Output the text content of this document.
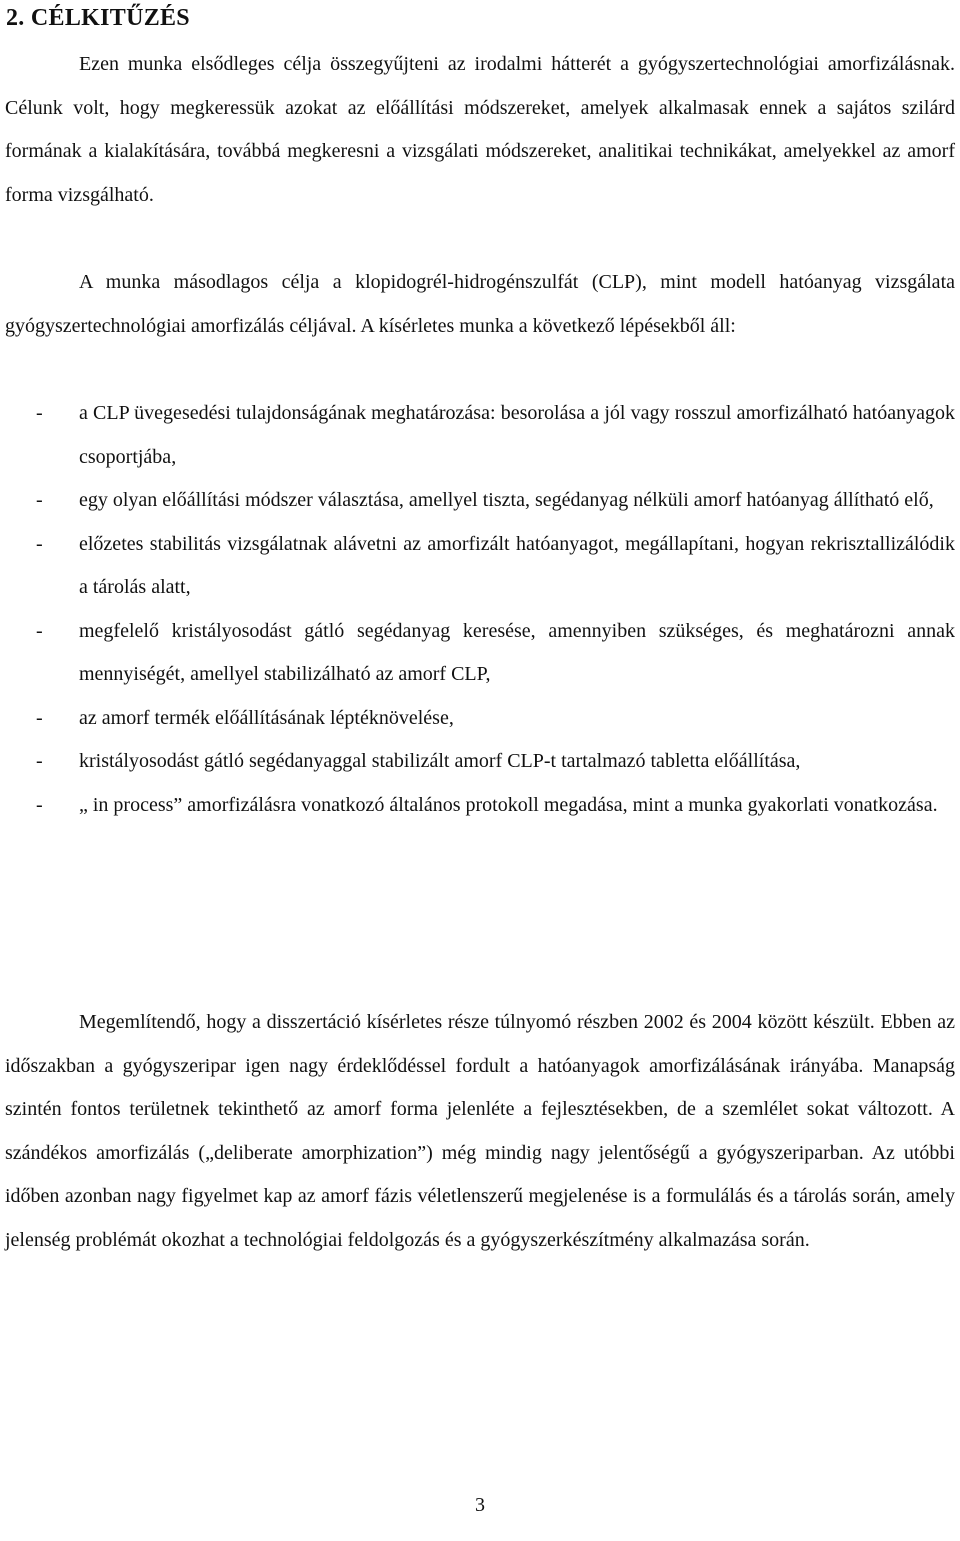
2. CÉLKITŰZÉS

Ezen munka elsődleges célja összegyűjteni az irodalmi hátterét a gyógyszertechnológiai amorfizálásnak. Célunk volt, hogy megkeressük azokat az előállítási módszereket, amelyek alkalmasak ennek a sajátos szilárd formának a kialakítására, továbbá megkeresni a vizsgálati módszereket, analitikai technikákat, amelyekkel az amorf forma vizsgálható.

A munka másodlagos célja a klopidogrél-hidrogénszulfát (CLP), mint modell hatóanyag vizsgálata gyógyszertechnológiai amorfizálás céljával. A kísérletes munka a következő lépésekből áll:

- a CLP üvegesedési tulajdonságának meghatározása: besorolása a jól vagy rosszul amorfizálható hatóanyagok csoportjába,
- egy olyan előállítási módszer választása, amellyel tiszta, segédanyag nélküli amorf hatóanyag állítható elő,
- előzetes stabilitás vizsgálatnak alávetni az amorfizált hatóanyagot, megállapítani, hogyan rekrisztallizálódik a tárolás alatt,
- megfelelő kristályosodást gátló segédanyag keresése, amennyiben szükséges, és meghatározni annak mennyiségét, amellyel stabilizálható az amorf CLP,
- az amorf termék előállításának léptéknövelése,
- kristályosodást gátló segédanyaggal stabilizált amorf CLP-t tartalmazó tabletta előállítása,
- „ in process” amorfizálásra vonatkozó általános protokoll megadása, mint a munka gyakorlati vonatkozása.

Megemlítendő, hogy a disszertáció kísérletes része túlnyomó részben 2002 és 2004 között készült. Ebben az időszakban a gyógyszeripar igen nagy érdeklődéssel fordult a hatóanyagok amorfizálásának irányába. Manapság szintén fontos területnek tekinthető az amorf forma jelenléte a fejlesztésekben, de a szemlélet sokat változott. A szándékos amorfizálás („deliberate amorphization”) még mindig nagy jelentőségű a gyógyszeriparban. Az utóbbi időben azonban nagy figyelmet kap az amorf fázis véletlenszerű megjelenése is a formulálás és a tárolás során, amely jelenség problémát okozhat a technológiai feldolgozás és a gyógyszerkészítmény alkalmazása során.

3
